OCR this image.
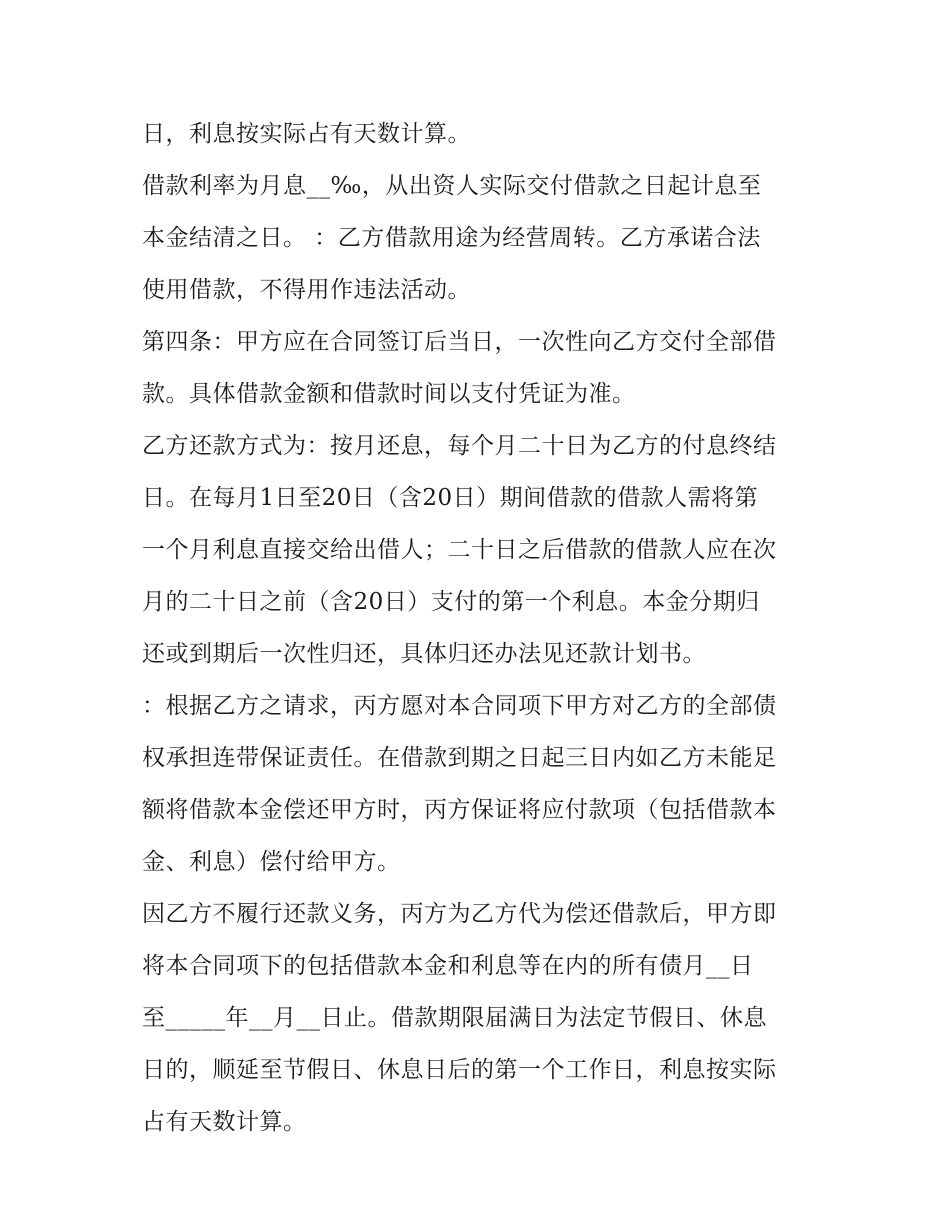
日，利息按实际占有天数计算。
借款利率为月息__‰，从出资人实际交付借款之日起计息至
本金结清之日。 ：乙方借款用途为经营周转。乙方承诺合法
使用借款，不得用作违法活动。
第四条：甲方应在合同签订后当日，一次性向乙方交付全部借
款。具体借款金额和借款时间以支付凭证为准。
乙方还款方式为：按月还息，每个月二十日为乙方的付息终结
日。在每月1日至20日（含20日）期间借款的借款人需将第
一个月利息直接交给出借人；二十日之后借款的借款人应在次
月的二十日之前（含20日）支付的第一个利息。本金分期归
还或到期后一次性归还，具体归还办法见还款计划书。
：根据乙方之请求，丙方愿对本合同项下甲方对乙方的全部债
权承担连带保证责任。在借款到期之日起三日内如乙方未能足
额将借款本金偿还甲方时，丙方保证将应付款项（包括借款本
金、利息）偿付给甲方。
因乙方不履行还款义务，丙方为乙方代为偿还借款后，甲方即
将本合同项下的包括借款本金和利息等在内的所有债月__日
至_____年__月__日止。借款期限届满日为法定节假日、休息
日的，顺延至节假日、休息日后的第一个工作日，利息按实际
占有天数计算。
